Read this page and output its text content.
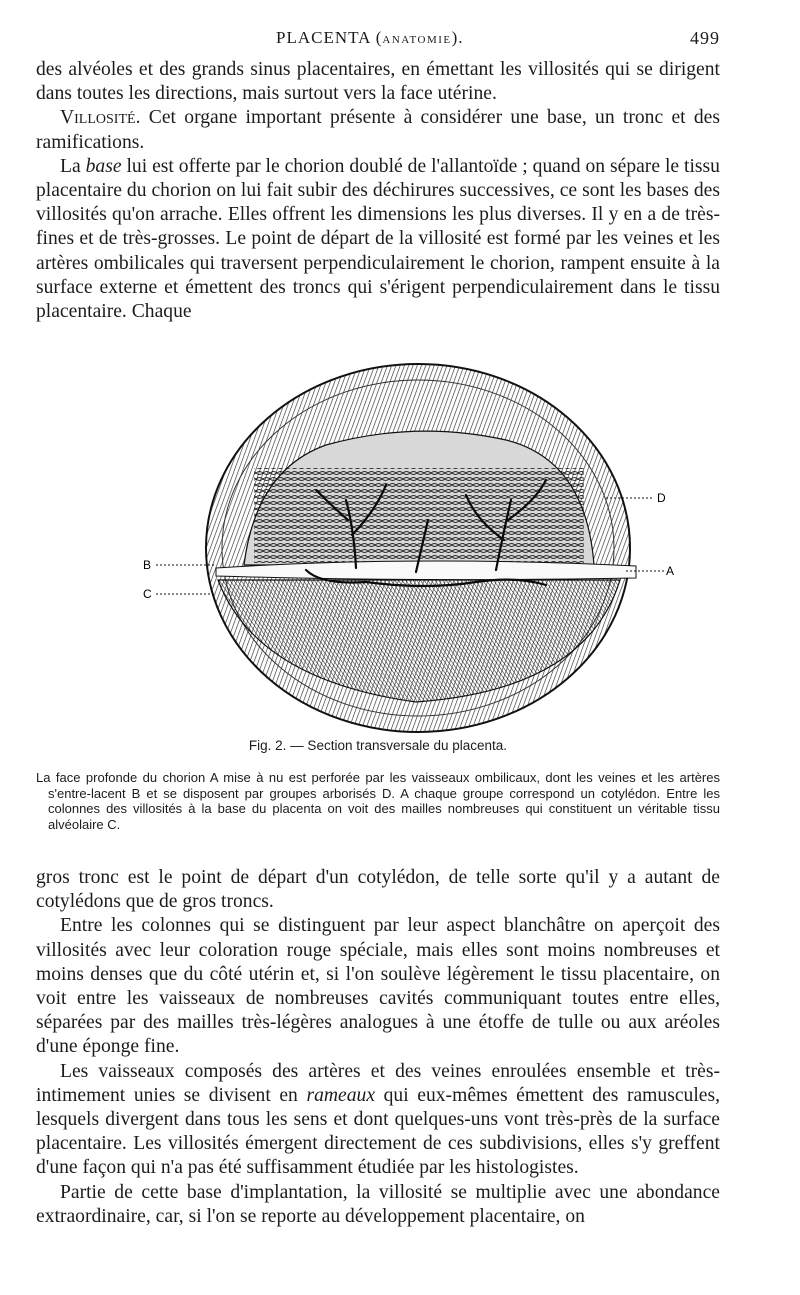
PLACENTA (ANATOMIE).	499

des alvéoles et des grands sinus placentaires, en émettant les villosités qui se dirigent dans toutes les directions, mais surtout vers la face utérine.

Villosité. Cet organe important présente à considérer une base, un tronc et des ramifications.

La base lui est offerte par le chorion doublé de l'allantoïde ; quand on sépare le tissu placentaire du chorion on lui fait subir des déchirures successives, ce sont les bases des villosités qu'on arrache. Elles offrent les dimensions les plus diverses. Il y en a de très-fines et de très-grosses. Le point de départ de la villosité est formé par les veines et les artères ombilicales qui traversent perpendiculairement le chorion, rampent ensuite à la surface externe et émettent des troncs qui s'érigent perpendiculairement dans le tissu placentaire. Chaque

D
B	A
C
Fig. 2. — Section transversale du placenta.
La face profonde du chorion A mise à nu est perforée par les vaisseaux ombilicaux, dont les veines et les artères s'entre-lacent B et se disposent par groupes arborisés D. A chaque groupe correspond un cotylédon. Entre les colonnes des villosités à la base du placenta on voit des mailles nombreuses qui constituent un véritable tissu alvéolaire C.

gros tronc est le point de départ d'un cotylédon, de telle sorte qu'il y a autant de cotylédons que de gros troncs.

Entre les colonnes qui se distinguent par leur aspect blanchâtre on aperçoit des villosités avec leur coloration rouge spéciale, mais elles sont moins nombreuses et moins denses que du côté utérin et, si l'on soulève légèrement le tissu placentaire, on voit entre les vaisseaux de nombreuses cavités communiquant toutes entre elles, séparées par des mailles très-légères analogues à une étoffe de tulle ou aux aréoles d'une éponge fine.

Les vaisseaux composés des artères et des veines enroulées ensemble et très-intimement unies se divisent en rameaux qui eux-mêmes émettent des ramuscules, lesquels divergent dans tous les sens et dont quelques-uns vont très-près de la surface placentaire. Les villosités émergent directement de ces subdivisions, elles s'y greffent d'une façon qui n'a pas été suffisamment étudiée par les histologistes.

Partie de cette base d'implantation, la villosité se multiplie avec une abondance extraordinaire, car, si l'on se reporte au développement placentaire, on
